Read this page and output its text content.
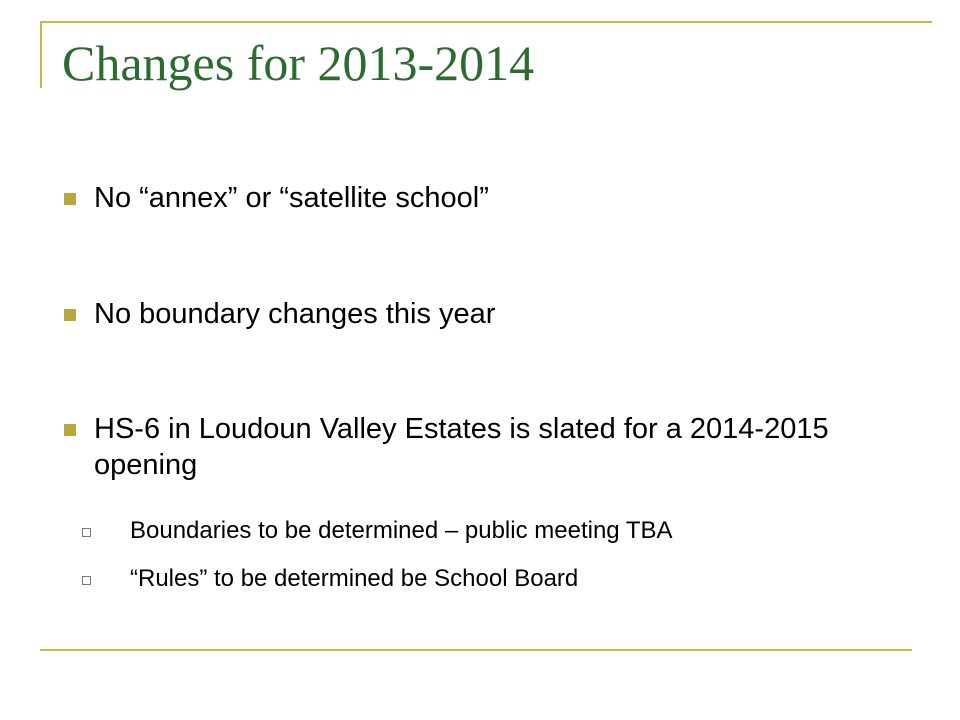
Changes for 2013-2014
No “annex” or “satellite school”
No boundary changes this year
HS-6 in Loudoun Valley Estates is slated for a 2014-2015 opening
Boundaries to be determined – public meeting TBA
“Rules” to be determined be School Board
